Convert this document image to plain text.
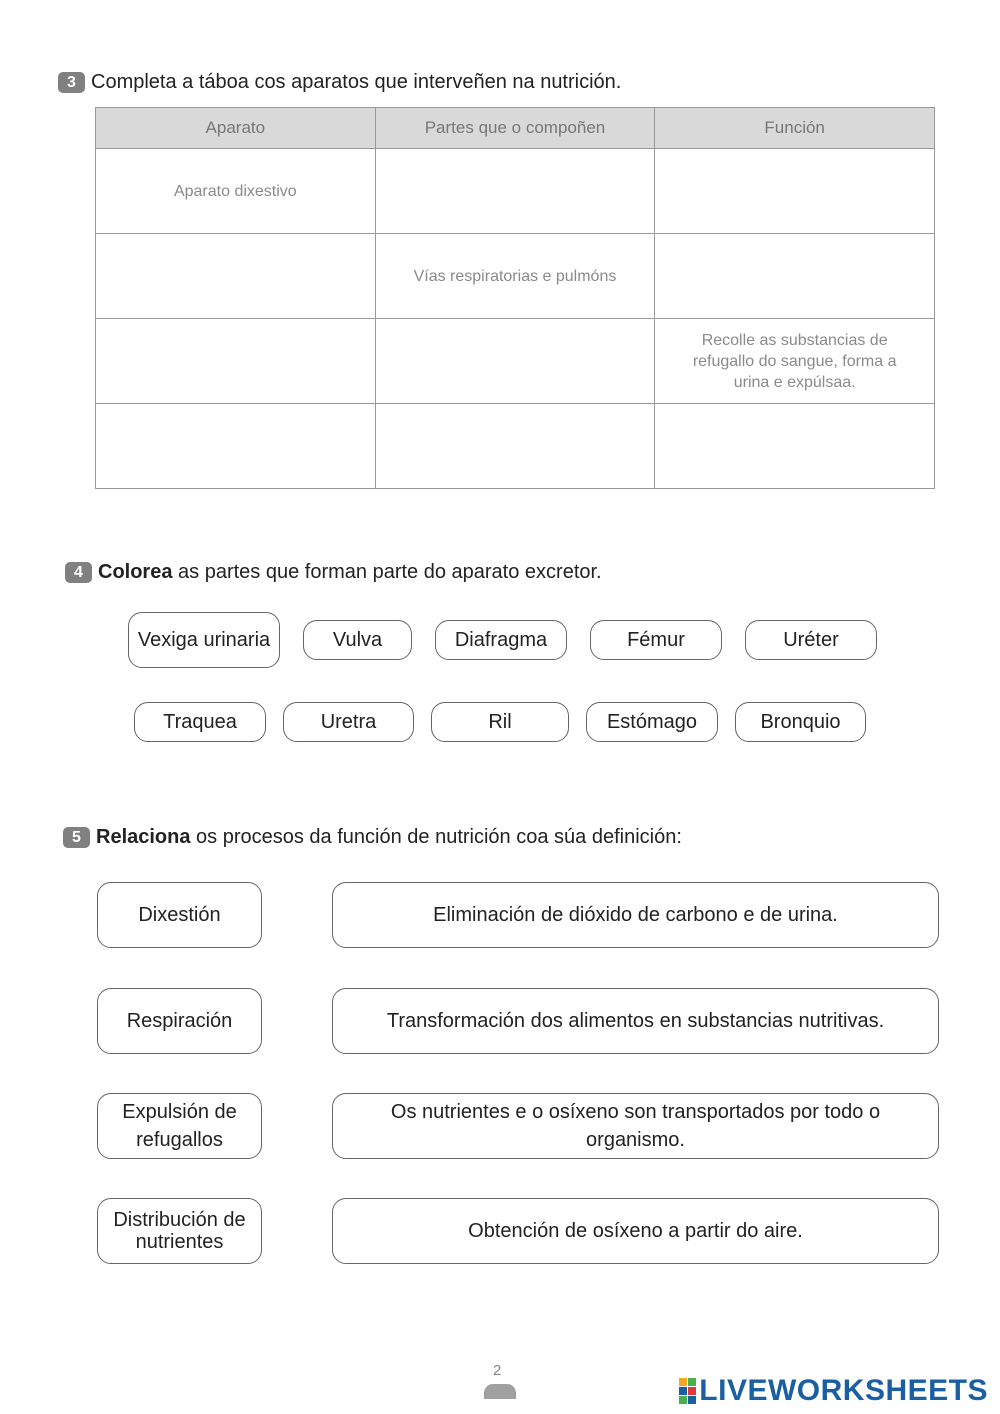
3 Completa a táboa cos aparatos que interveñen na nutrición.
Aparato	Partes que o compoñen	Función
Aparato dixestivo		
	Vías respiratorias e pulmóns	
		Recolle as substancias de refugallo do sangue, forma a urina e expúlsaa.

4 Colorea as partes que forman parte do aparato excretor.
Vexiga urinaria	Vulva	Diafragma	Fémur	Uréter
Traquea	Uretra	Ril	Estómago	Bronquio
5 Relaciona os procesos da función de nutrición coa súa definición:
Dixestión
Respiración
Expulsión de refugallos
Distribución de nutrientes
Eliminación de dióxido de carbono e de urina.
Transformación dos alimentos en substancias nutritivas.
Os nutrientes e o osíxeno son transportados por todo o organismo.
Obtención de osíxeno a partir do aire.
2
LIVEWORKSHEETS
